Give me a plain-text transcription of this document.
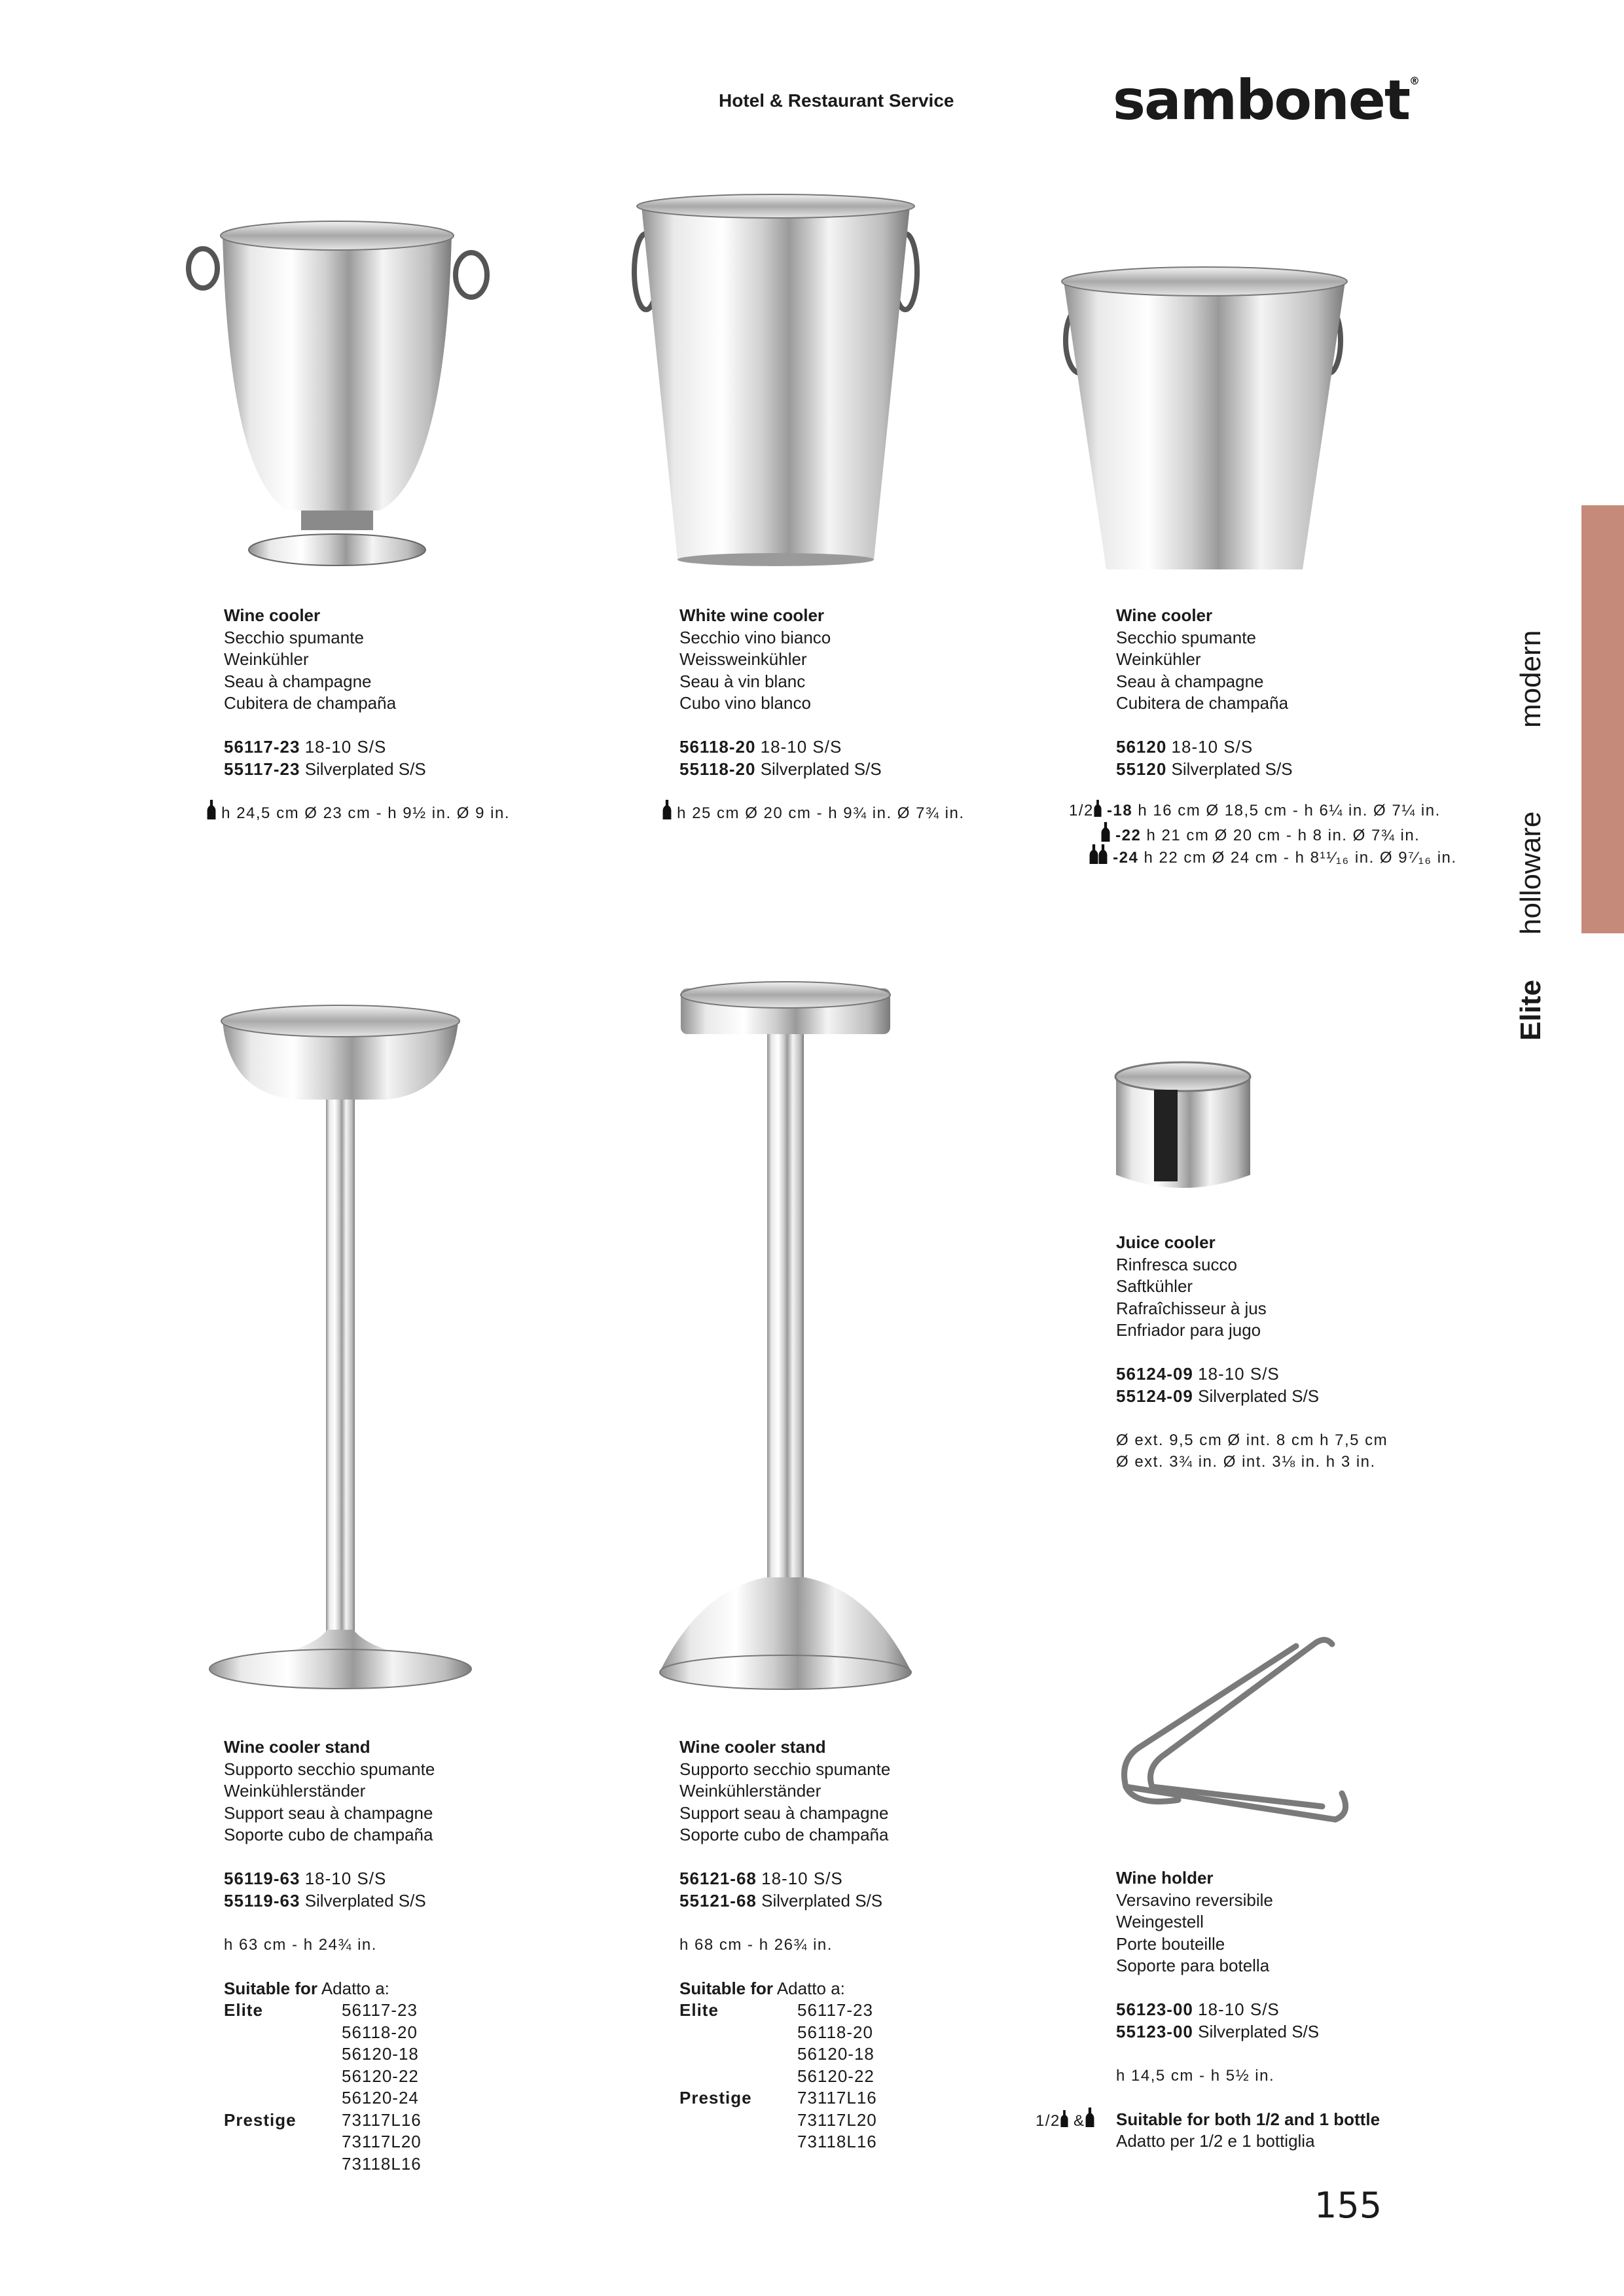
Hotel & Restaurant Service	sambonet®
modern
holloware
Elite
Wine cooler
Secchio spumante
Weinkühler
Seau à champagne
Cubitera de champaña
56117-23 18-10 S/S
55117-23 Silverplated S/S
h 24,5 cm Ø 23 cm - h 9½ in. Ø 9 in.
White wine cooler
Secchio vino bianco
Weissweinkühler
Seau à vin blanc
Cubo vino blanco
56118-20 18-10 S/S
55118-20 Silverplated S/S
h 25 cm Ø 20 cm - h 9¾ in. Ø 7¾ in.
Wine cooler
Secchio spumante
Weinkühler
Seau à champagne
Cubitera de champaña
56120 18-10 S/S
55120 Silverplated S/S
1/2 -18 h 16 cm Ø 18,5 cm - h 6¼ in. Ø 7¼ in.
-22 h 21 cm Ø 20 cm - h 8 in. Ø 7¾ in.
-24 h 22 cm Ø 24 cm - h 8¹¹⁄₁₆ in. Ø 9⁷⁄₁₆ in.
Juice cooler
Rinfresca succo
Saftkühler
Rafraîchisseur à jus
Enfriador para jugo
56124-09 18-10 S/S
55124-09 Silverplated S/S
Ø ext. 9,5 cm Ø int. 8 cm h 7,5 cm
Ø ext. 3¾ in. Ø int. 3⅛ in. h 3 in.
Wine cooler stand
Supporto secchio spumante
Weinkühlerständer
Support seau à champagne
Soporte cubo de champaña
56119-63 18-10 S/S
55119-63 Silverplated S/S
h 63 cm - h 24¾ in.
Suitable for Adatto a:
Elite	56117-23
56118-20
56120-18
56120-22
56120-24
Prestige	73117L16
73117L20
73118L16
Wine cooler stand
Supporto secchio spumante
Weinkühlerständer
Support seau à champagne
Soporte cubo de champaña
56121-68 18-10 S/S
55121-68 Silverplated S/S
h 68 cm - h 26¾ in.
Suitable for Adatto a:
Elite	56117-23
56118-20
56120-18
56120-22
Prestige	73117L16
73117L20
73118L16
Wine holder
Versavino reversibile
Weingestell
Porte bouteille
Soporte para botella
56123-00 18-10 S/S
55123-00 Silverplated S/S
h 14,5 cm - h 5½ in.
Suitable for both 1/2 and 1 bottle
Adatto per 1/2 e 1 bottiglia
1/2 &
155
